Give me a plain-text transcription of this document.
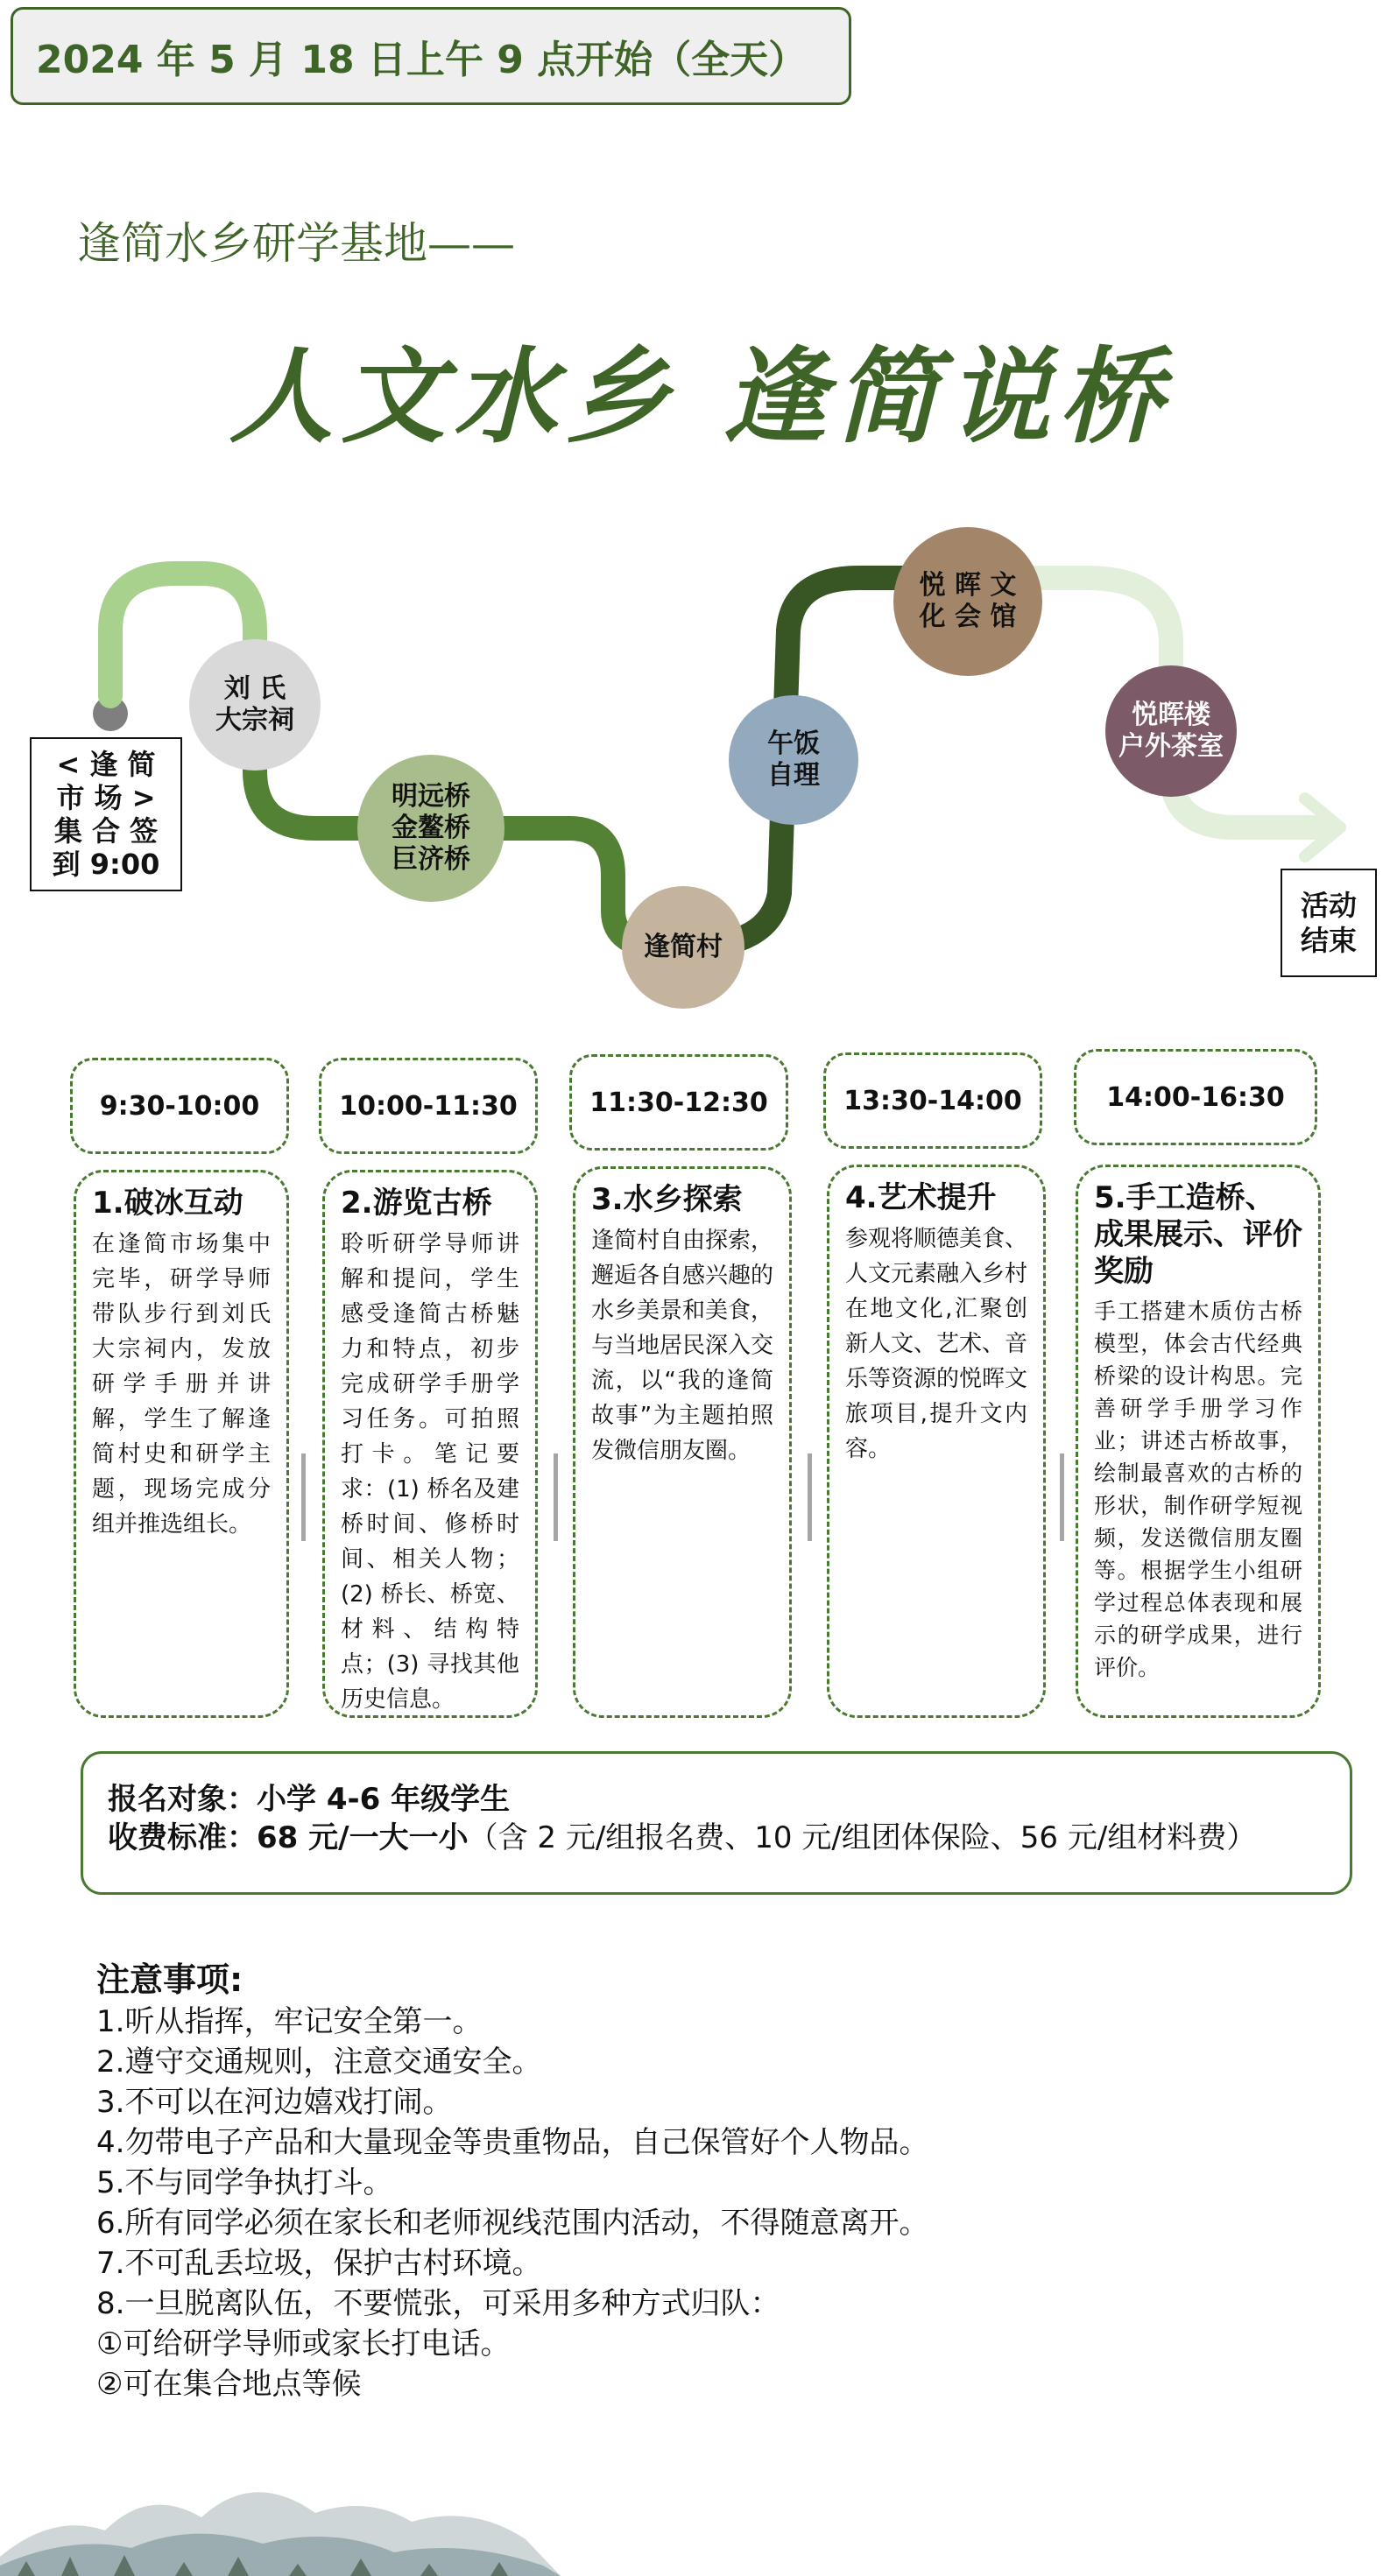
2024 年 5 月 18 日上午 9 点开始（全天）
逢简水乡研学基地——
人文水乡 逢简说桥
< 逢 简
市 场 >
集 合 签
到 9:00
活动
结束
刘 氏
大宗祠
明远桥
金鳌桥
巨济桥
逢简村
午饭
自理
悦 晖 文
化 会 馆
悦晖楼
户外茶室
9:30-10:00	10:00-11:30	11:30-12:30	13:30-14:00	14:00-16:30
1.破冰互动
在逢简市场集中完毕，研学导师带队步行到刘氏大宗祠内，发放研学手册并讲解，学生了解逢简村史和研学主题，现场完成分组并推选组长。
2.游览古桥
聆听研学导师讲解和提问，学生感受逢简古桥魅力和特点，初步完成研学手册学习任务。可拍照打卡。笔记要求：(1) 桥名及建桥时间、修桥时间、相关人物；(2) 桥长、桥宽、材料、结构特点；(3) 寻找其他历史信息。
3.水乡探索
逢简村自由探索，邂逅各自感兴趣的水乡美景和美食，与当地居民深入交流，以“我的逢简故事”为主题拍照发微信朋友圈。
4.艺术提升
参观将顺德美食、人文元素融入乡村在地文化,汇聚创新人文、艺术、音乐等资源的悦晖文旅项目,提升文内容。
5.手工造桥、成果展示、评价奖励
手工搭建木质仿古桥模型，体会古代经典桥梁的设计构思。完善研学手册学习作业；讲述古桥故事，绘制最喜欢的古桥的形状，制作研学短视频，发送微信朋友圈等。根据学生小组研学过程总体表现和展示的研学成果，进行评价。
报名对象：小学 4-6 年级学生
收费标准：68 元/一大一小（含 2 元/组报名费、10 元/组团体保险、56 元/组材料费）
注意事项:
1.听从指挥，牢记安全第一。
2.遵守交通规则，注意交通安全。
3.不可以在河边嬉戏打闹。
4.勿带电子产品和大量现金等贵重物品，自己保管好个人物品。
5.不与同学争执打斗。
6.所有同学必须在家长和老师视线范围内活动，不得随意离开。
7.不可乱丢垃圾，保护古村环境。
8.一旦脱离队伍，不要慌张，可采用多种方式归队：
①可给研学导师或家长打电话。
②可在集合地点等候
